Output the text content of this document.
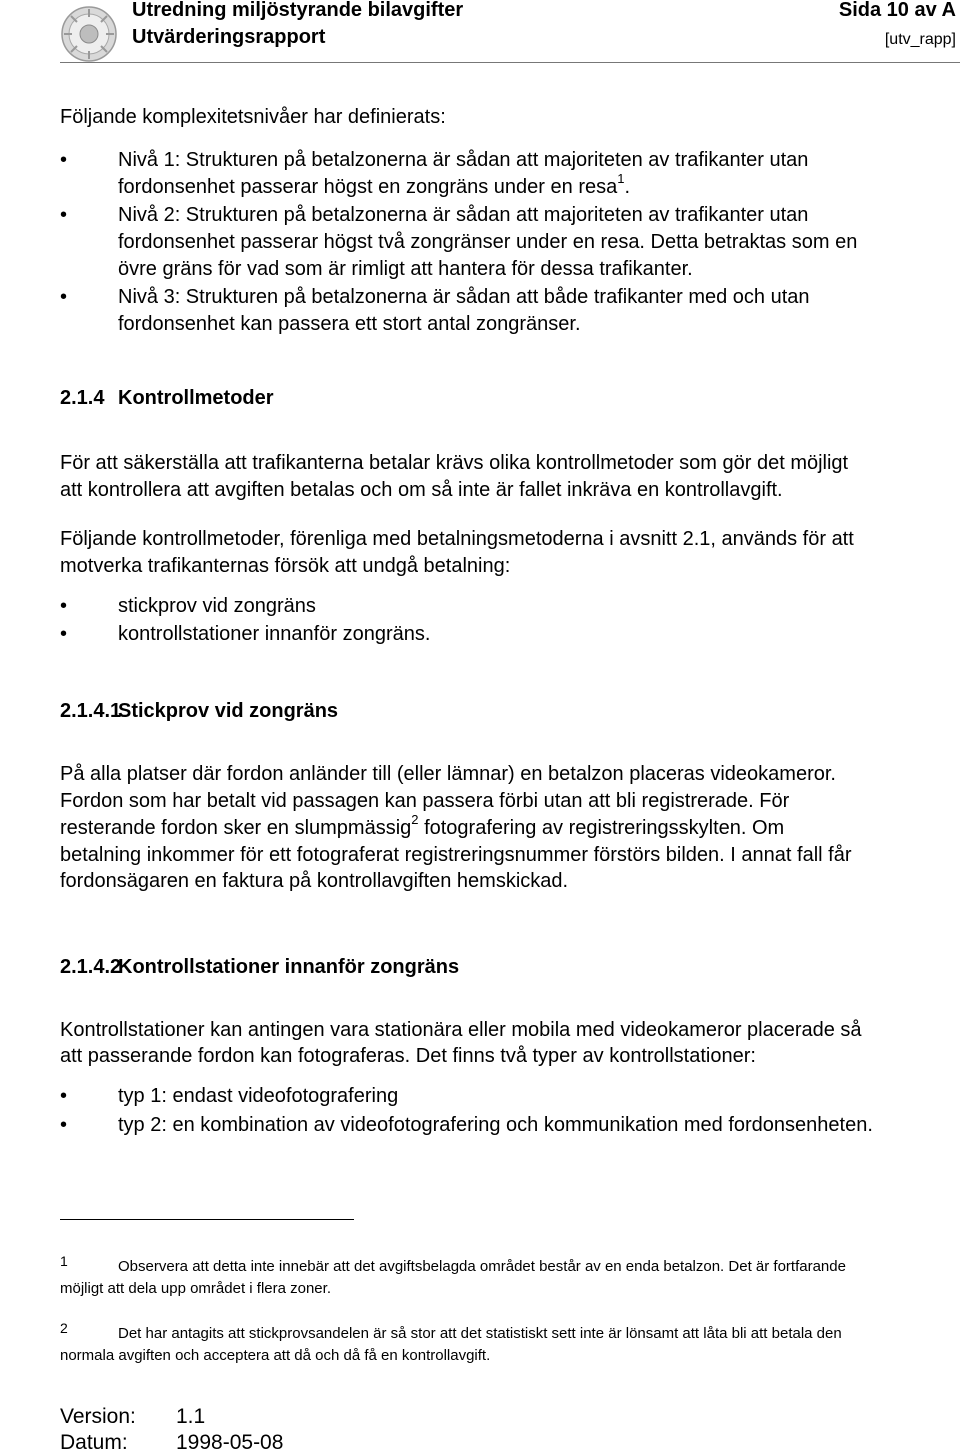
Utredning miljöstyrande bilavgifter
Utvärderingsrapport
Sida 10 av A
[utv_rapp]
Följande komplexitetsnivåer har definierats:
•	Nivå 1: Strukturen på betalzonerna är sådan att majoriteten av trafikanter utan
fordonsenhet passerar högst en zongräns under en resa$^1$.
•	Nivå 2: Strukturen på betalzonerna är sådan att majoriteten av trafikanter utan
fordonsenhet passerar högst två zongränser under en resa. Detta betraktas som en
övre gräns för vad som är rimligt att hantera för dessa trafikanter.
•	Nivå 3: Strukturen på betalzonerna är sådan att både trafikanter med och utan
fordonsenhet kan passera ett stort antal zongränser.
2.1.4 Kontrollmetoder
För att säkerställa att trafikanterna betalar krävs olika kontrollmetoder som gör det möjligt
att kontrollera att avgiften betalas och om så inte är fallet inkräva en kontrollavgift.
Följande kontrollmetoder, förenliga med betalningsmetoderna i avsnitt 2.1, används för att
motverka trafikanternas försök att undgå betalning:
•	stickprov vid zongräns
•	kontrollstationer innanför zongräns.
2.1.4.1
Stickprov vid zongräns
På alla platser där fordon anländer till (eller lämnar) en betalzon placeras videokameror.
Fordon som har betalt vid passagen kan passera förbi utan att bli registrerade. För
resterande fordon sker en slumpmässig$^2$ fotografering av registreringsskylten. Om
betalning inkommer för ett fotograferat registreringsnummer förstörs bilden. I annat fall får
fordonsägaren en faktura på kontrollavgiften hemskickad.
2.1.4.2
Kontrollstationer innanför zongräns
Kontrollstationer kan antingen vara stationära eller mobila med videokameror placerade så
att passerande fordon kan fotograferas. Det finns två typer av kontrollstationer:
•	typ 1: endast videofotografering
•	typ 2: en kombination av videofotografering och kommunikation med fordonsenheten.
1	Observera att detta inte innebär att det avgiftsbelagda området består av en enda betalzon. Det är fortfarande
möjligt att dela upp området i flera zoner.
2	Det har antagits att stickprovsandelen är så stor att det statistiskt sett inte är lönsamt att låta bli att betala den
normala avgiften och acceptera att då och då få en kontrollavgift.
Version: 1.1
Datum: 1998-05-08
